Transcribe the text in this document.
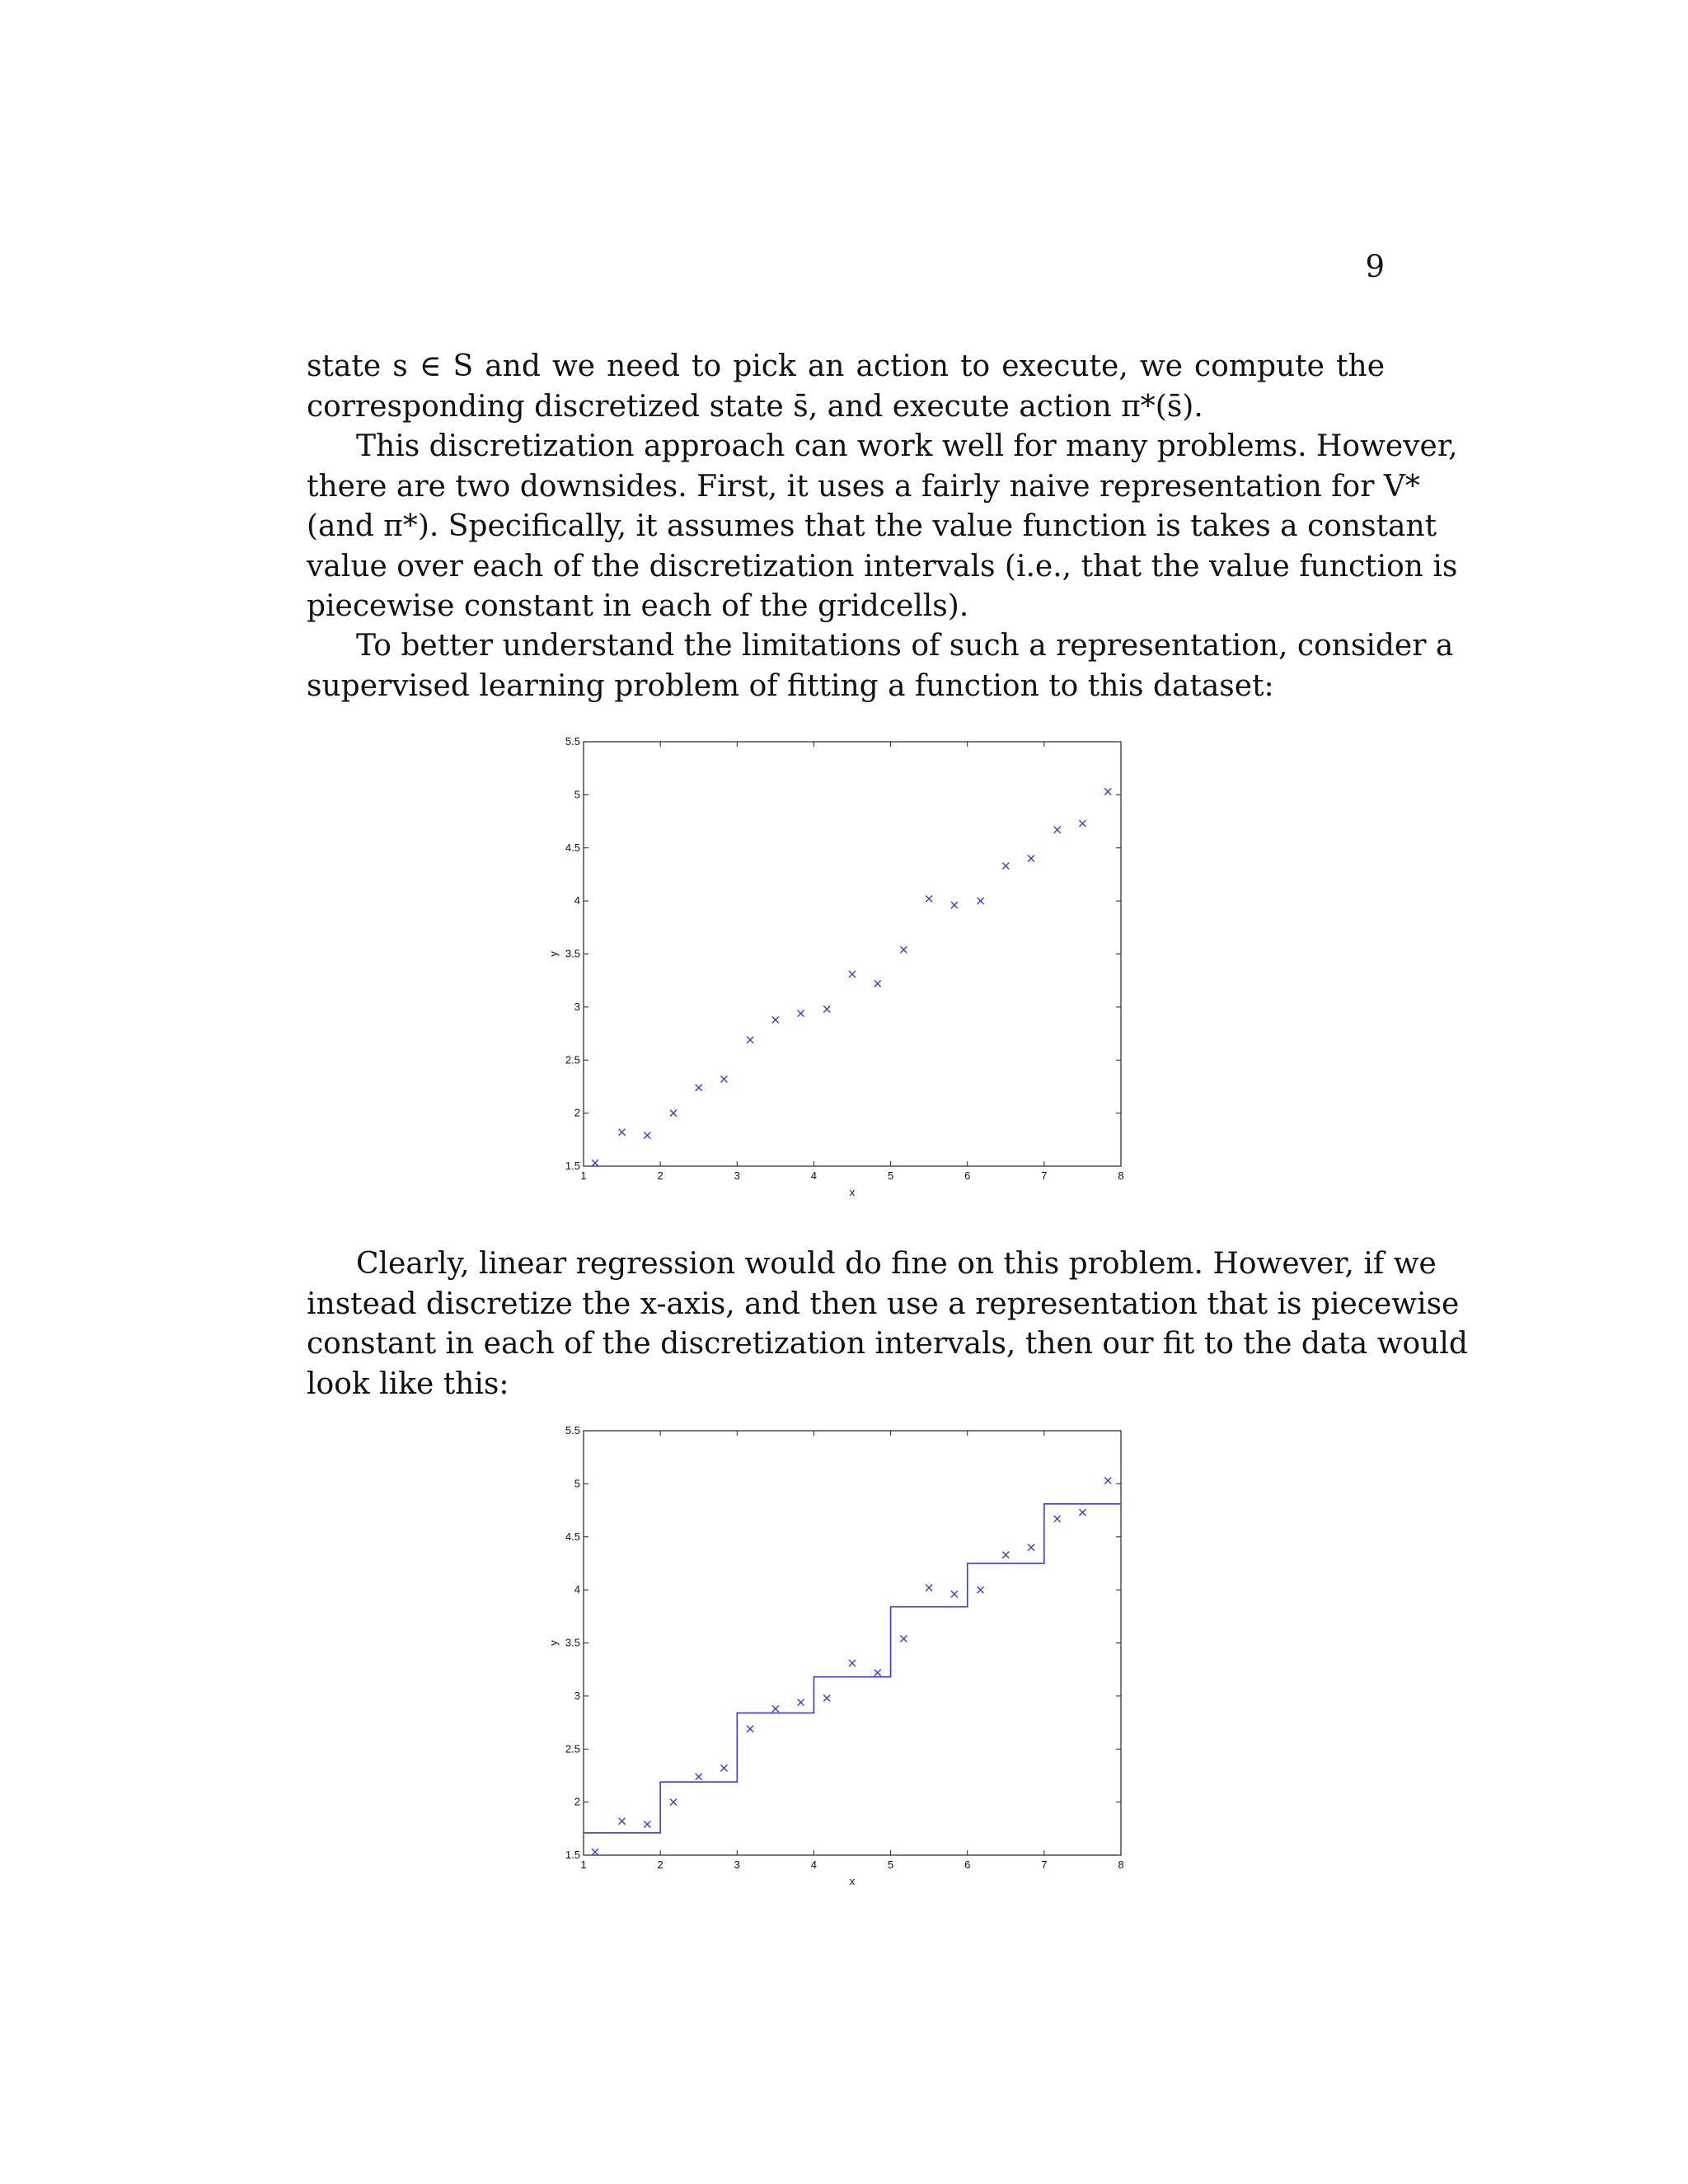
9
state s ∈ S and we need to pick an action to execute, we compute the
corresponding discretized state s̄, and execute action π*(s̄).
This discretization approach can work well for many problems. However,
there are two downsides. First, it uses a fairly naive representation for V*
(and π*). Specifically, it assumes that the value function is takes a constant
value over each of the discretization intervals (i.e., that the value function is
piecewise constant in each of the gridcells).
To better understand the limitations of such a representation, consider a
supervised learning problem of fitting a function to this dataset:
1	2	3	4	5	6	7	8
1.5
2
2.5
3
3.5
4
4.5
5
5.5
x
y
Clearly, linear regression would do fine on this problem. However, if we
instead discretize the x-axis, and then use a representation that is piecewise
constant in each of the discretization intervals, then our fit to the data would
look like this:
1	2	3	4	5	6	7	8
1.5
2
2.5
3
3.5
4
4.5
5
5.5
x
y
